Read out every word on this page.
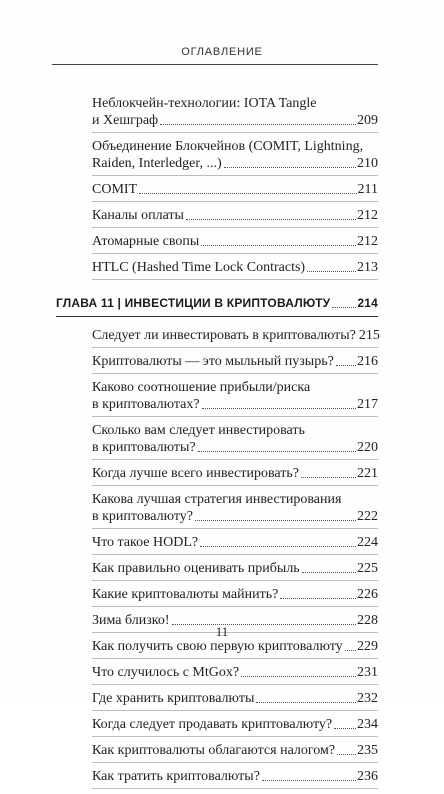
ОГЛАВЛЕНИЕ
Неблокчейн-технологии: IOTA Tangle
и Хешграф	209
Объединение Блокчейнов (COMIT, Lightning,
Raiden, Interledger, ...)	210
COMIT	211
Каналы оплаты	212
Атомарные свопы	212
HTLC (Hashed Time Lock Contracts)	213
ГЛАВА 11 | ИНВЕСТИЦИИ В КРИПТОВАЛЮТУ 214
Следует ли инвестировать в криптовалюты? 215
Криптовалюты — это мыльный пузырь? 216
Каково соотношение прибыли/риска
в криптовалютах?	217
Сколько вам следует инвестировать
в криптовалюты?	220
Когда лучше всего инвестировать?	221
Какова лучшая стратегия инвестирования
в криптовалюту?	222
Что такое HODL?	224
Как правильно оценивать прибыль	225
Какие криптовалюты майнить?	226
Зима близко!	228
Как получить свою первую криптовалюту 229
Что случилось с MtGox?	231
Где хранить криптовалюты	232
Когда следует продавать криптовалюту? 234
Как криптовалюты облагаются налогом? 235
Как тратить криптовалюты?	236
11
